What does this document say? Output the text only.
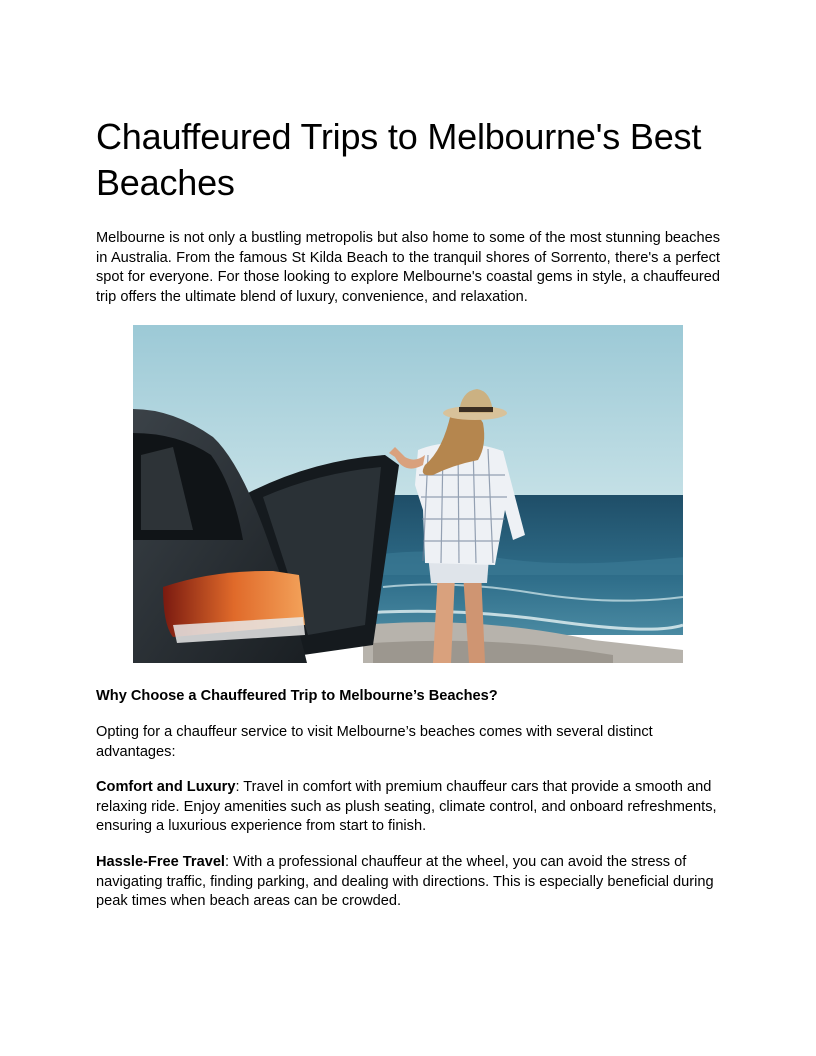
Chauffeured Trips to Melbourne's Best Beaches

Melbourne is not only a bustling metropolis but also home to some of the most stunning beaches in Australia. From the famous St Kilda Beach to the tranquil shores of Sorrento, there's a perfect spot for everyone. For those looking to explore Melbourne's coastal gems in style, a chauffeured trip offers the ultimate blend of luxury, convenience, and relaxation.

Why Choose a Chauffeured Trip to Melbourne’s Beaches?

Opting for a chauffeur service to visit Melbourne’s beaches comes with several distinct advantages:

Comfort and Luxury: Travel in comfort with premium chauffeur cars that provide a smooth and relaxing ride. Enjoy amenities such as plush seating, climate control, and onboard refreshments, ensuring a luxurious experience from start to finish.

Hassle-Free Travel: With a professional chauffeur at the wheel, you can avoid the stress of navigating traffic, finding parking, and dealing with directions. This is especially beneficial during peak times when beach areas can be crowded.
